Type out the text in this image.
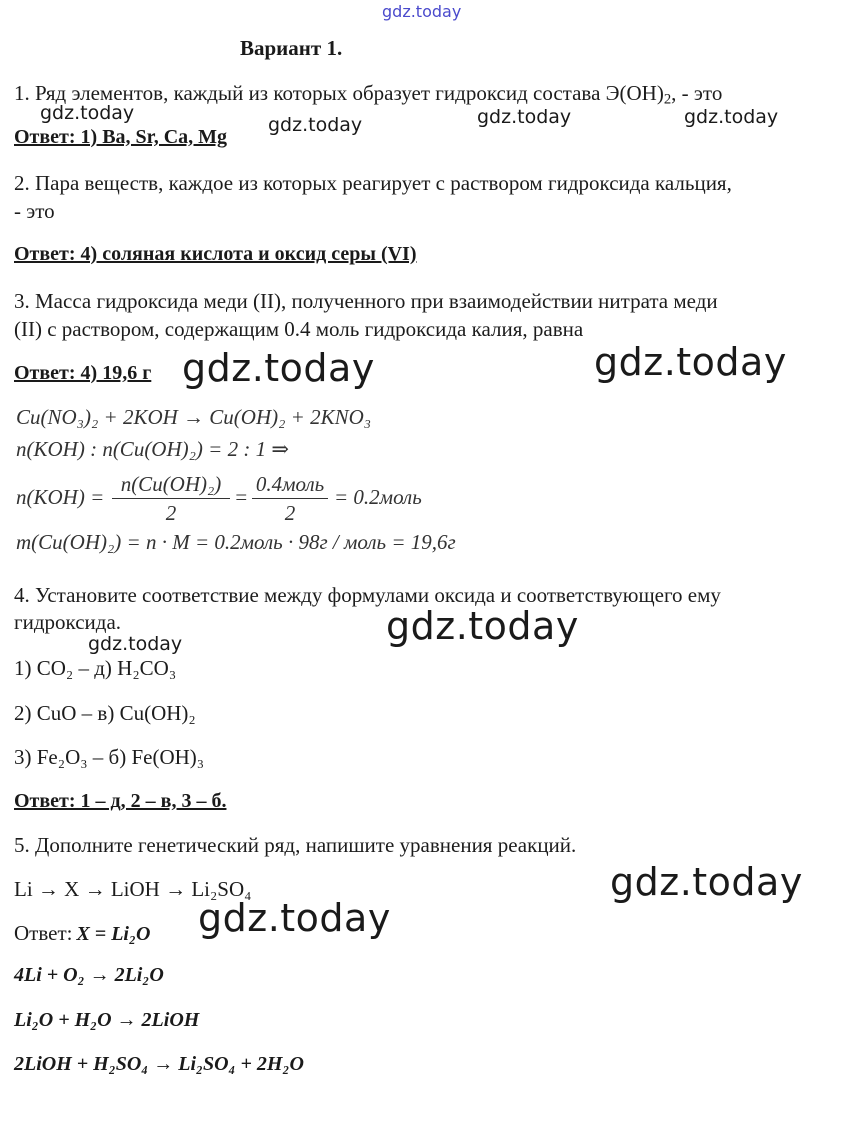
gdz.today
Вариант 1.
1. Ряд элементов, каждый из которых образует гидроксид состава $Э(ОН)_2$, - это
gdz.today
Ответ: 1) Ba, Sr, Ca, Mg
gdz.today	gdz.today	gdz.today
2. Пара веществ, каждое из которых реагирует с раствором гидроксида кальция,
- это
Ответ: 4) соляная кислота и оксид серы (VI)
3. Масса гидроксида меди (II), полученного при взаимодействии нитрата меди
(II) с раствором, содержащим 0.4 моль гидроксида калия, равна
Ответ: 4) 19,6 г gdz.today	gdz.today
Cu(NO₃)₂ + 2KOH → Cu(OH)₂ + 2KNO₃
n(KOH) : n(Cu(OH)₂) = 2 : 1 ⇒
n(KOH) =
n(Cu(OH)₂)
2
=
0.4моль
2
= 0.2моль
m(Cu(OH)₂) = n · M = 0.2моль · 98г / моль = 19,6г
4. Установите соответствие между формулами оксида и соответствующего ему
гидроксида.	gdz.today
gdz.today
1) CO₂ – д) H₂CO₃
2) CuO – в) Cu(OH)₂
3) Fe₂O₃ – б) Fe(OH)₃
Ответ: 1 – д, 2 – в, 3 – б.
5. Дополните генетический ряд, напишите уравнения реакций.
Li → X → LiOH → Li₂SO₄	gdz.today
gdz.today
Ответ: X = Li₂O
4Li + O₂ → 2Li₂O
Li₂O + H₂O → 2LiOH
2LiOH + H₂SO₄ → Li₂SO₄ + 2H₂O
